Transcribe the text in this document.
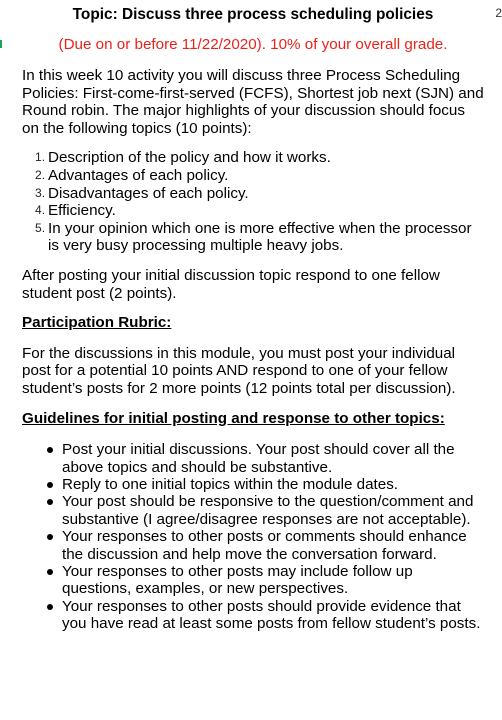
2
Topic: Discuss three process scheduling policies

(Due on or before 11/22/2020). 10% of your overall grade.

In this week 10 activity you will discuss three Process Scheduling Policies: First-come-first-served (FCFS), Shortest job next (SJN) and Round robin. The major highlights of your discussion should focus on the following topics (10 points):

Description of the policy and how it works.
Advantages of each policy.
Disadvantages of each policy.
Efficiency.
In your opinion which one is more effective when the processor is very busy processing multiple heavy jobs.

After posting your initial discussion topic respond to one fellow student post (2 points).

Participation Rubric:

For the discussions in this module, you must post your individual post for a potential 10 points AND respond to one of your fellow student’s posts for 2 more points (12 points total per discussion).

Guidelines for initial posting and response to other topics:

Post your initial discussions. Your post should cover all the above topics and should be substantive.
Reply to one initial topics within the module dates.
Your post should be responsive to the question/comment and substantive (I agree/disagree responses are not acceptable).
Your responses to other posts or comments should enhance the discussion and help move the conversation forward.
Your responses to other posts may include follow up questions, examples, or new perspectives.
Your responses to other posts should provide evidence that you have read at least some posts from fellow student’s posts.
